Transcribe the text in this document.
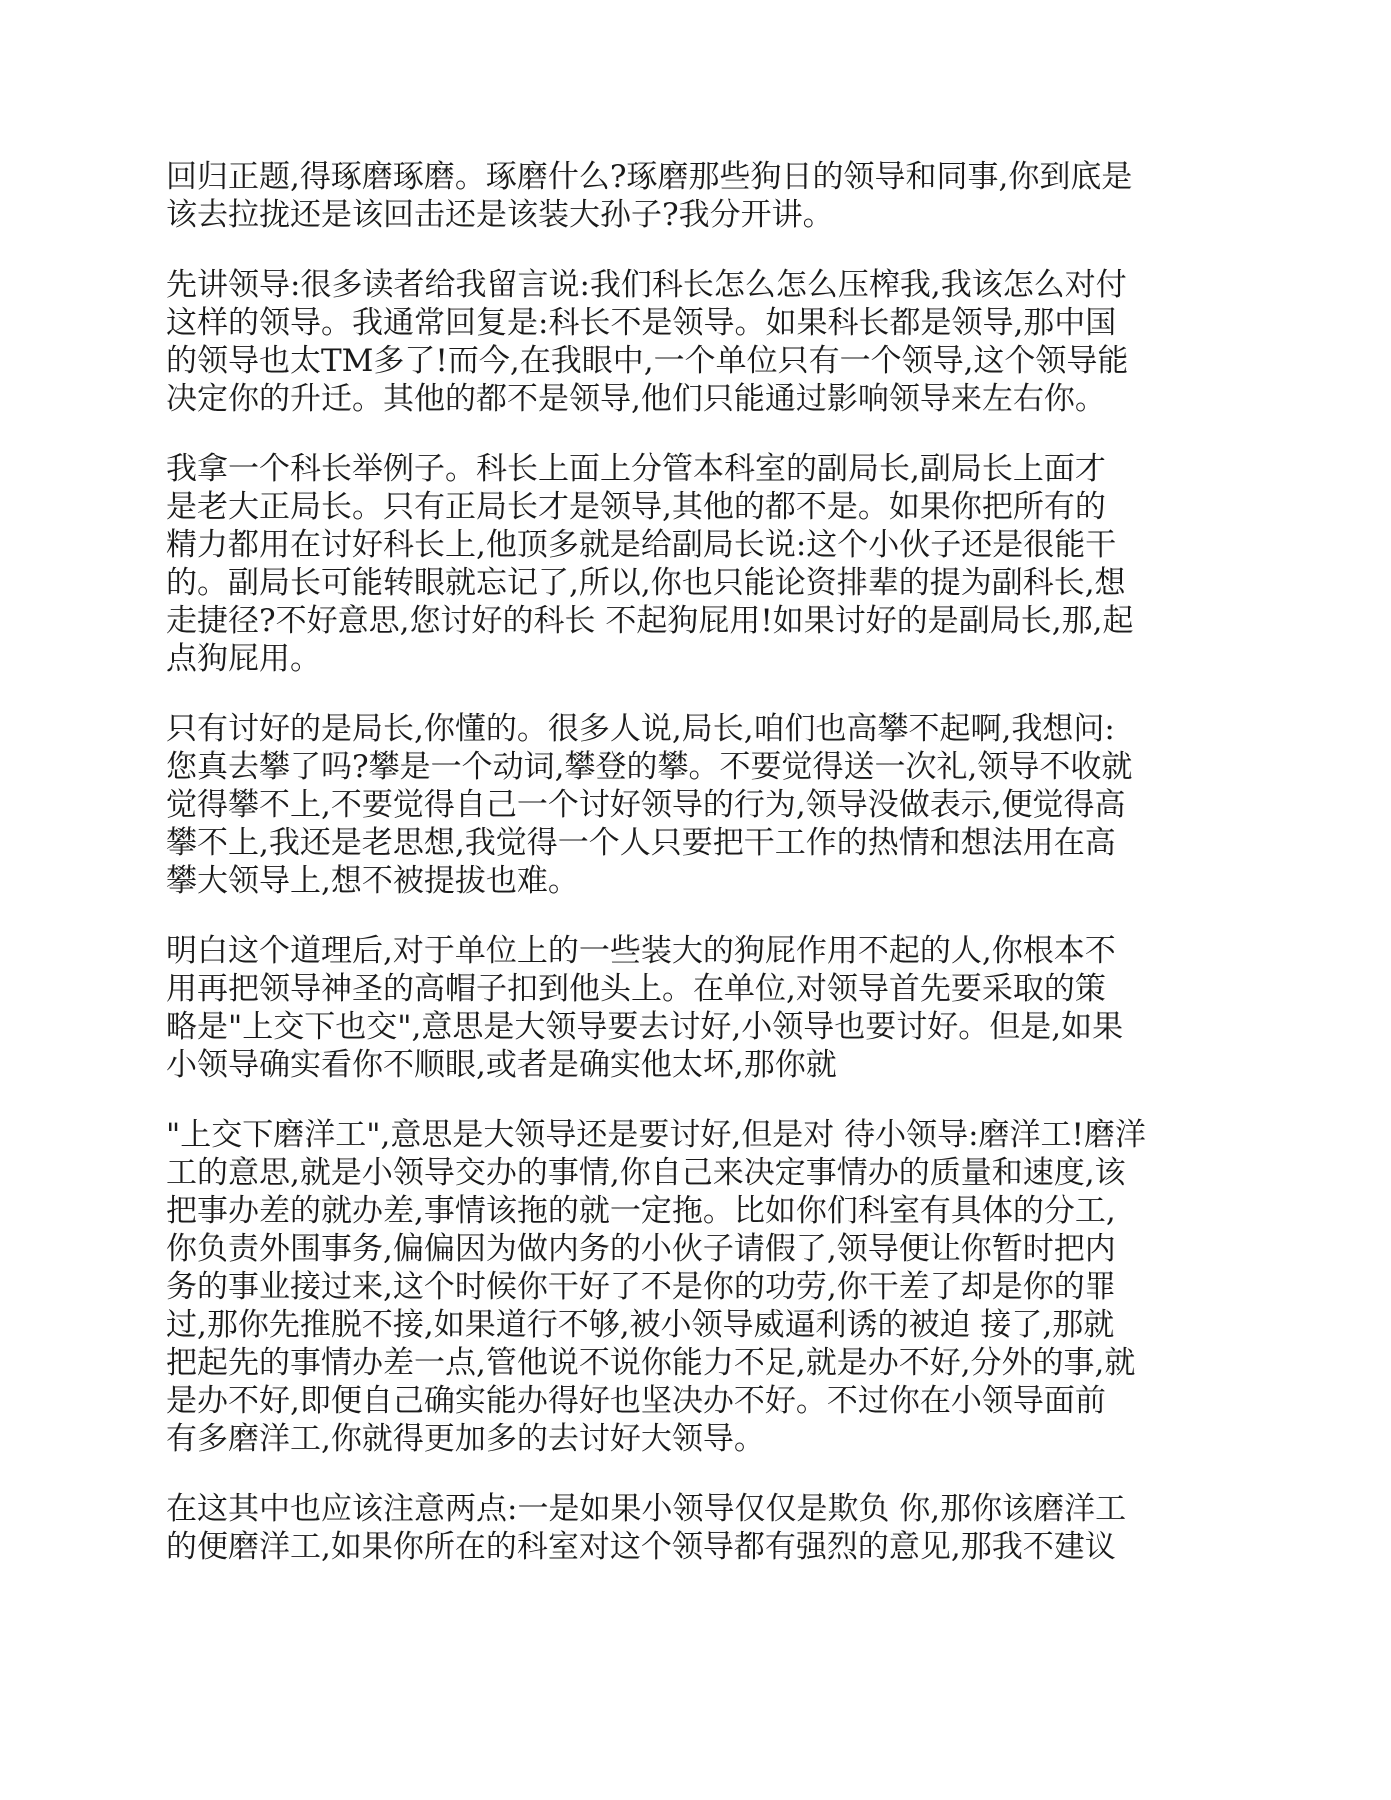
回归正题,得琢磨琢磨。琢磨什么?琢磨那些狗日的领导和同事,你到底是
该去拉拢还是该回击还是该装大孙子?我分开讲。

先讲领导:很多读者给我留言说:我们科长怎么怎么压榨我,我该怎么对付
这样的领导。我通常回复是:科长不是领导。如果科长都是领导,那中国
的领导也太TM多了!而今,在我眼中,一个单位只有一个领导,这个领导能
决定你的升迁。其他的都不是领导,他们只能通过影响领导来左右你。

我拿一个科长举例子。科长上面上分管本科室的副局长,副局长上面才
是老大正局长。只有正局长才是领导,其他的都不是。如果你把所有的
精力都用在讨好科长上,他顶多就是给副局长说:这个小伙子还是很能干
的。副局长可能转眼就忘记了,所以,你也只能论资排辈的提为副科长,想
走捷径?不好意思,您讨好的科长 不起狗屁用!如果讨好的是副局长,那,起
点狗屁用。

只有讨好的是局长,你懂的。很多人说,局长,咱们也高攀不起啊,我想问:
您真去攀了吗?攀是一个动词,攀登的攀。不要觉得送一次礼,领导不收就
觉得攀不上,不要觉得自己一个讨好领导的行为,领导没做表示,便觉得高
攀不上,我还是老思想,我觉得一个人只要把干工作的热情和想法用在高
攀大领导上,想不被提拔也难。

明白这个道理后,对于单位上的一些装大的狗屁作用不起的人,你根本不
用再把领导神圣的高帽子扣到他头上。在单位,对领导首先要采取的策
略是"上交下也交",意思是大领导要去讨好,小领导也要讨好。但是,如果
小领导确实看你不顺眼,或者是确实他太坏,那你就

"上交下磨洋工",意思是大领导还是要讨好,但是对 待小领导:磨洋工!磨洋
工的意思,就是小领导交办的事情,你自己来决定事情办的质量和速度,该
把事办差的就办差,事情该拖的就一定拖。比如你们科室有具体的分工,
你负责外围事务,偏偏因为做内务的小伙子请假了,领导便让你暂时把内
务的事业接过来,这个时候你干好了不是你的功劳,你干差了却是你的罪
过,那你先推脱不接,如果道行不够,被小领导威逼利诱的被迫 接了,那就
把起先的事情办差一点,管他说不说你能力不足,就是办不好,分外的事,就
是办不好,即便自己确实能办得好也坚决办不好。不过你在小领导面前
有多磨洋工,你就得更加多的去讨好大领导。

在这其中也应该注意两点:一是如果小领导仅仅是欺负 你,那你该磨洋工
的便磨洋工,如果你所在的科室对这个领导都有强烈的意见,那我不建议
